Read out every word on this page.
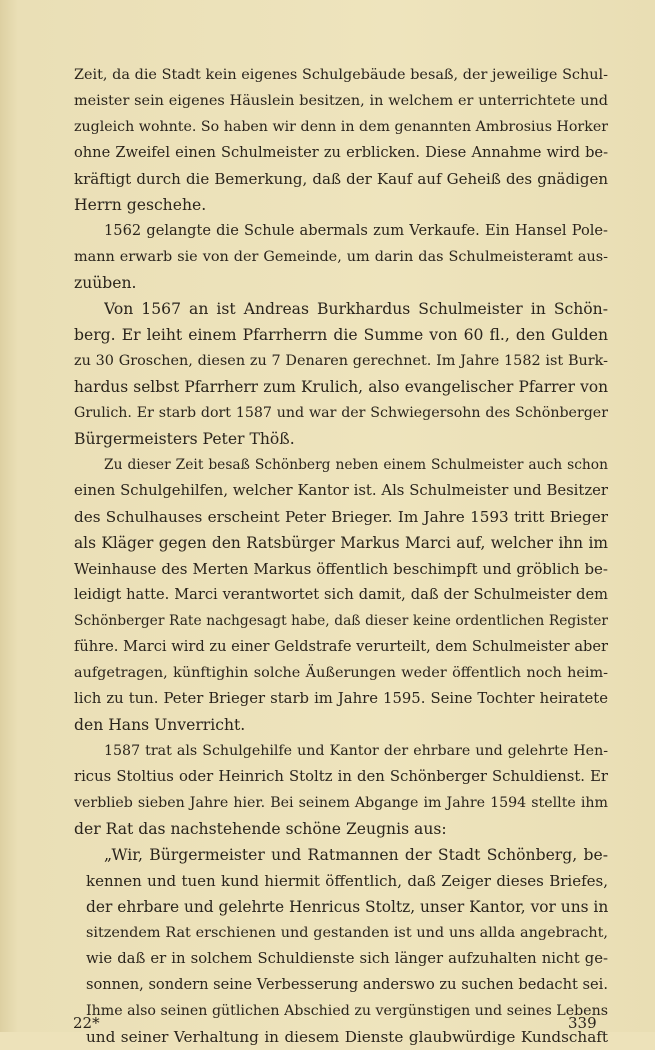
Zeit, da die Stadt kein eigenes Schulgebäude besaß, der jeweilige Schul-
meister sein eigenes Häuslein besitzen, in welchem er unterrichtete und
zugleich wohnte. So haben wir denn in dem genannten Ambrosius Horker
ohne Zweifel einen Schulmeister zu erblicken. Diese Annahme wird be-
kräftigt durch die Bemerkung, daß der Kauf auf Geheiß des gnädigen
Herrn geschehe.
1562 gelangte die Schule abermals zum Verkaufe. Ein Hansel Pole-
mann erwarb sie von der Gemeinde, um darin das Schulmeisteramt aus-
zuüben.
Von 1567 an ist Andreas Burkhardus Schulmeister in Schön-
berg. Er leiht einem Pfarrherrn die Summe von 60 fl., den Gulden
zu 30 Groschen, diesen zu 7 Denaren gerechnet. Im Jahre 1582 ist Burk-
hardus selbst Pfarrherr zum Krulich, also evangelischer Pfarrer von
Grulich. Er starb dort 1587 und war der Schwiegersohn des Schönberger
Bürgermeisters Peter Thöß.
Zu dieser Zeit besaß Schönberg neben einem Schulmeister auch schon
einen Schulgehilfen, welcher Kantor ist. Als Schulmeister und Besitzer
des Schulhauses erscheint Peter Brieger. Im Jahre 1593 tritt Brieger
als Kläger gegen den Ratsbürger Markus Marci auf, welcher ihn im
Weinhause des Merten Markus öffentlich beschimpft und gröblich be-
leidigt hatte. Marci verantwortet sich damit, daß der Schulmeister dem
Schönberger Rate nachgesagt habe, daß dieser keine ordentlichen Register
führe. Marci wird zu einer Geldstrafe verurteilt, dem Schulmeister aber
aufgetragen, künftighin solche Äußerungen weder öffentlich noch heim-
lich zu tun. Peter Brieger starb im Jahre 1595. Seine Tochter heiratete
den Hans Unverricht.
1587 trat als Schulgehilfe und Kantor der ehrbare und gelehrte Hen-
ricus Stoltius oder Heinrich Stoltz in den Schönberger Schuldienst. Er
verblieb sieben Jahre hier. Bei seinem Abgange im Jahre 1594 stellte ihm
der Rat das nachstehende schöne Zeugnis aus:
„Wir, Bürgermeister und Ratmannen der Stadt Schönberg, be-
kennen und tuen kund hiermit öffentlich, daß Zeiger dieses Briefes,
der ehrbare und gelehrte Henricus Stoltz, unser Kantor, vor uns in
sitzendem Rat erschienen und gestanden ist und uns allda angebracht,
wie daß er in solchem Schuldienste sich länger aufzuhalten nicht ge-
sonnen, sondern seine Verbesserung anderswo zu suchen bedacht sei.
Ihme also seinen gütlichen Abschied zu vergünstigen und seines Lebens
und seiner Verhaltung in diesem Dienste glaubwürdige Kundschaft
22*	339
